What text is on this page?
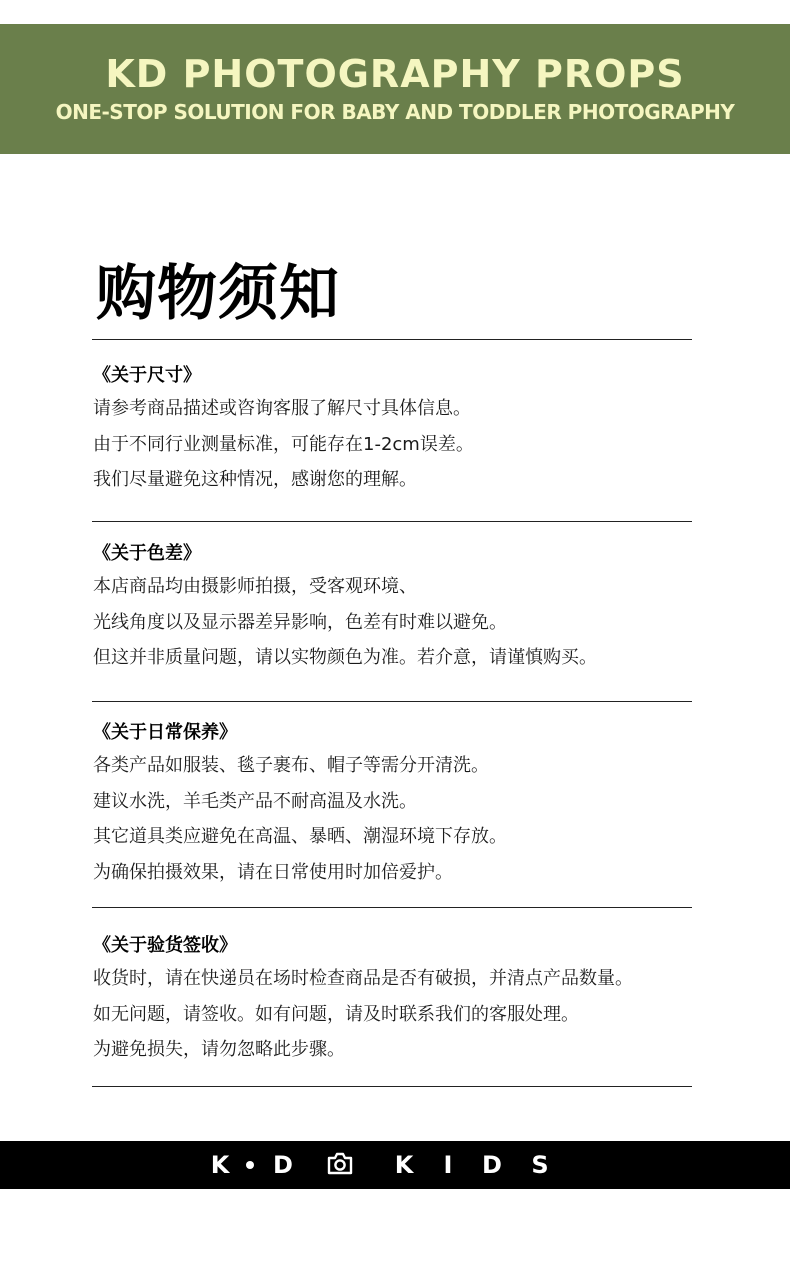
KD PHOTOGRAPHY PROPS
ONE-STOP SOLUTION FOR BABY AND TODDLER PHOTOGRAPHY
购物须知
《关于尺寸》
请参考商品描述或咨询客服了解尺寸具体信息。
由于不同行业测量标准，可能存在1-2cm误差。
我们尽量避免这种情况，感谢您的理解。
《关于色差》
本店商品均由摄影师拍摄，受客观环境、
光线角度以及显示器差异影响，色差有时难以避免。
但这并非质量问题，请以实物颜色为准。若介意，请谨慎购买。
《关于日常保养》
各类产品如服装、毯子裹布、帽子等需分开清洗。
建议水洗，羊毛类产品不耐高温及水洗。
其它道具类应避免在高温、暴晒、潮湿环境下存放。
为确保拍摄效果，请在日常使用时加倍爱护。
《关于验货签收》
收货时，请在快递员在场时检查商品是否有破损，并清点产品数量。
如无问题，请签收。如有问题，请及时联系我们的客服处理。
为避免损失，请勿忽略此步骤。
K D	K	I	D S
